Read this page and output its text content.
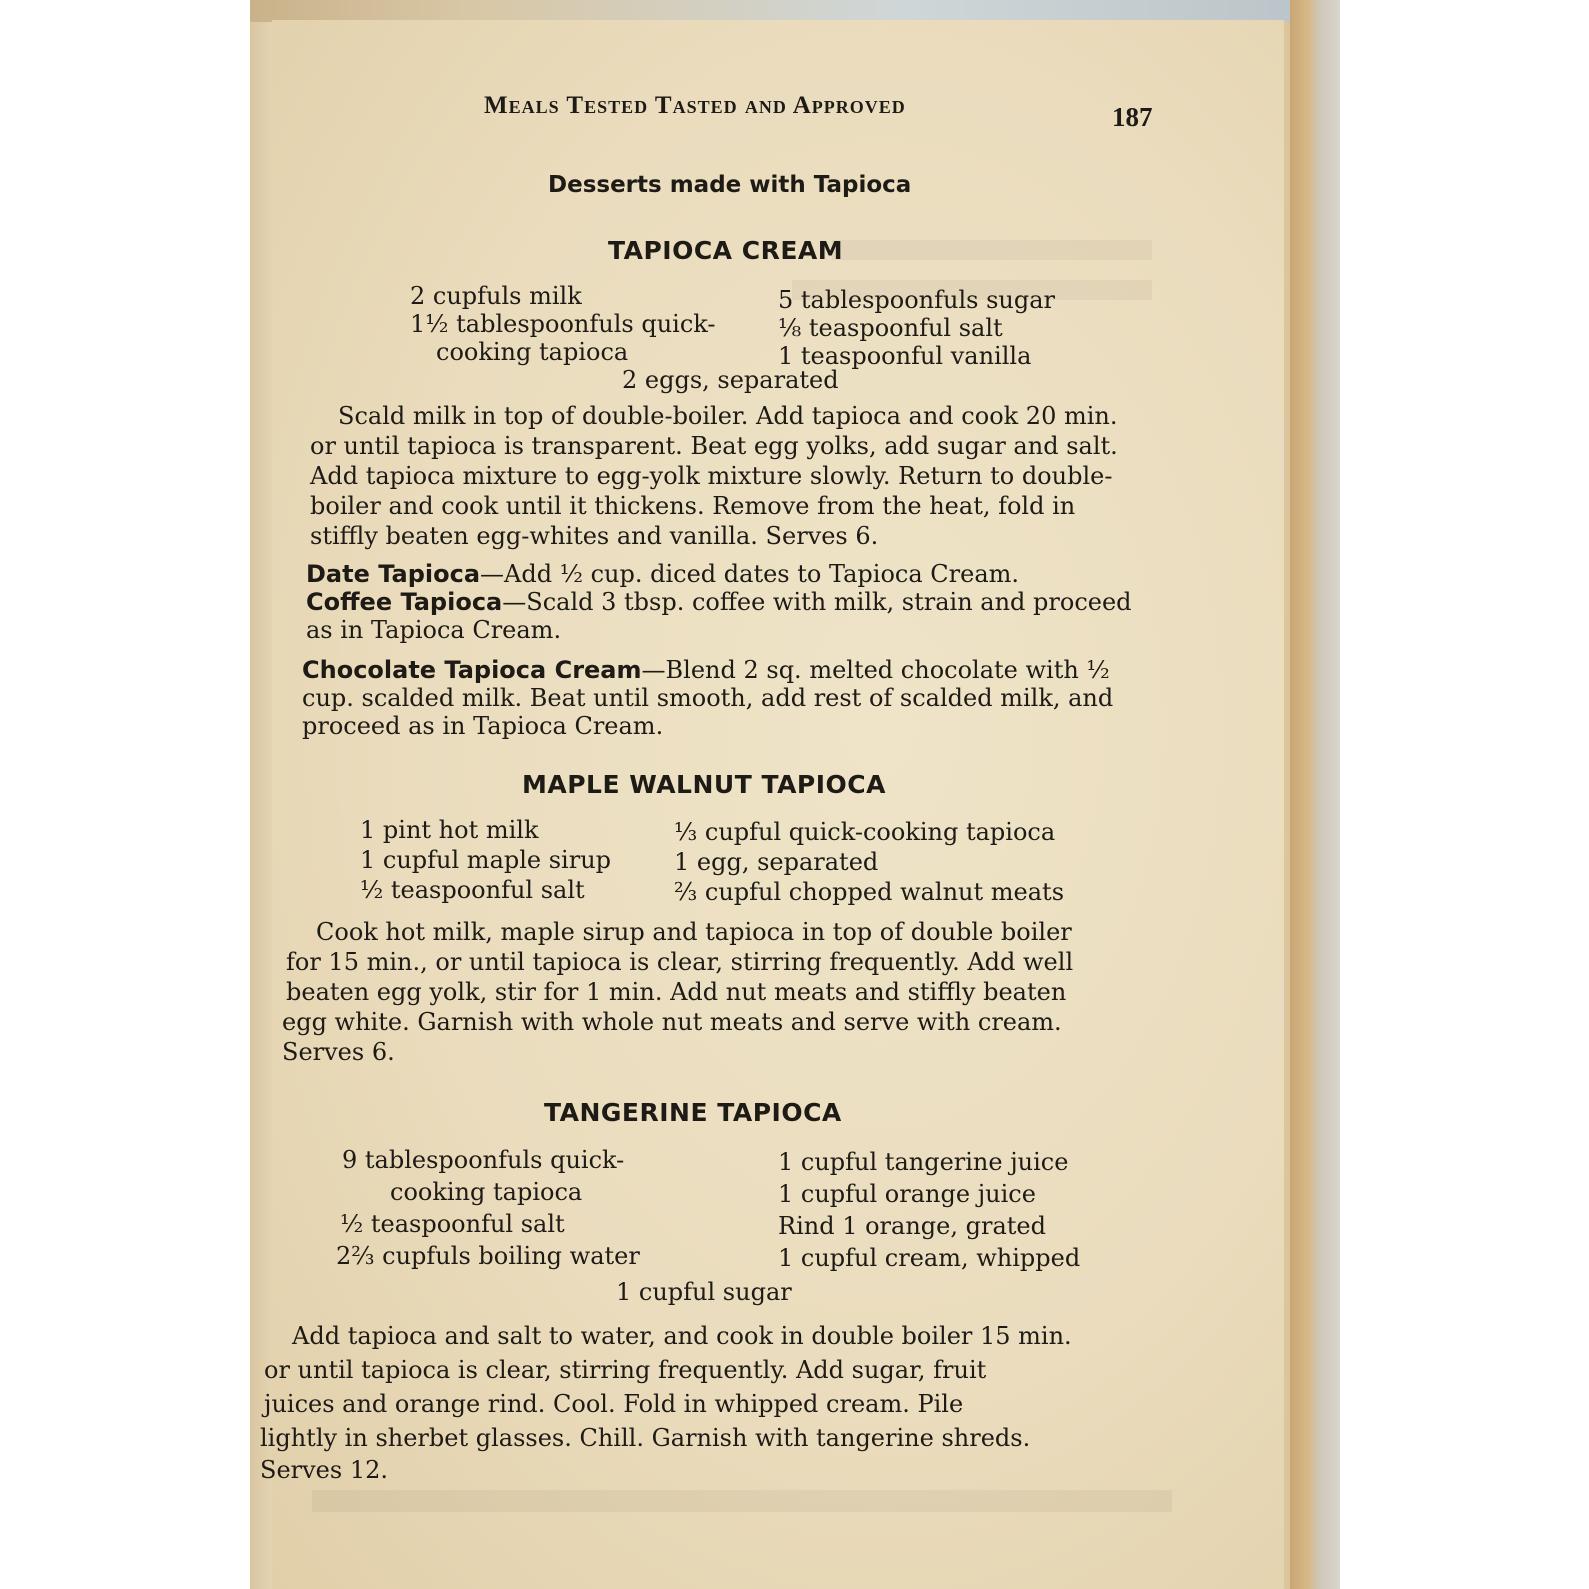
Meals Tested Tasted and Approved	187
Desserts made with Tapioca
TAPIOCA CREAM
2 cupfuls milk
1½ tablespoonfuls quick-
cooking tapioca
5 tablespoonfuls sugar
⅛ teaspoonful salt
1 teaspoonful vanilla
2 eggs, separated
Scald milk in top of double-boiler. Add tapioca and cook 20 min.
or until tapioca is transparent. Beat egg yolks, add sugar and salt.
Add tapioca mixture to egg-yolk mixture slowly. Return to double-
boiler and cook until it thickens. Remove from the heat, fold in
stiffly beaten egg-whites and vanilla. Serves 6.
Date Tapioca—Add ½ cup. diced dates to Tapioca Cream.
Coffee Tapioca—Scald 3 tbsp. coffee with milk, strain and proceed
as in Tapioca Cream.
Chocolate Tapioca Cream—Blend 2 sq. melted chocolate with ½
cup. scalded milk. Beat until smooth, add rest of scalded milk, and
proceed as in Tapioca Cream.
MAPLE WALNUT TAPIOCA
1 pint hot milk
1 cupful maple sirup
½ teaspoonful salt
⅓ cupful quick-cooking tapioca
1 egg, separated
⅔ cupful chopped walnut meats
Cook hot milk, maple sirup and tapioca in top of double boiler
for 15 min., or until tapioca is clear, stirring frequently. Add well
beaten egg yolk, stir for 1 min. Add nut meats and stiffly beaten
egg white. Garnish with whole nut meats and serve with cream.
Serves 6.
TANGERINE TAPIOCA
9 tablespoonfuls quick-
cooking tapioca
½ teaspoonful salt
2⅔ cupfuls boiling water
1 cupful tangerine juice
1 cupful orange juice
Rind 1 orange, grated
1 cupful cream, whipped
1 cupful sugar
Add tapioca and salt to water, and cook in double boiler 15 min.
or until tapioca is clear, stirring frequently. Add sugar, fruit
juices and orange rind. Cool. Fold in whipped cream. Pile
lightly in sherbet glasses. Chill. Garnish with tangerine shreds.
Serves 12.
